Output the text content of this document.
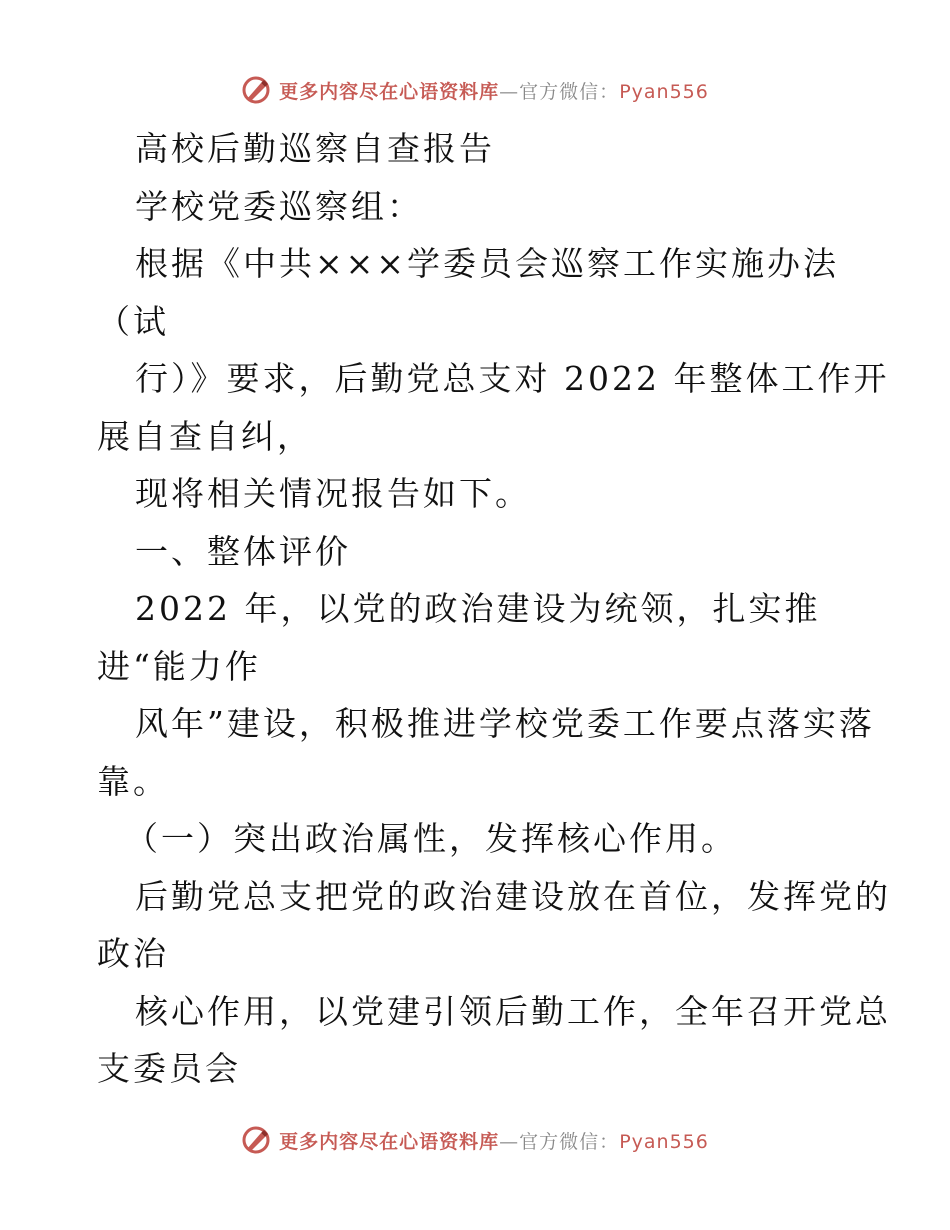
更多内容尽在心语资料库—官方微信：Pyan556
高校后勤巡察自查报告
学校党委巡察组：
根据《中共×××学委员会巡察工作实施办法
（试
行）》要求，后勤党总支对 2022 年整体工作开
展自查自纠，
现将相关情况报告如下。
一、整体评价
2022 年，以党的政治建设为统领，扎实推
进“能力作
风年”建设，积极推进学校党委工作要点落实落
靠。
（一）突出政治属性，发挥核心作用。
后勤党总支把党的政治建设放在首位，发挥党的
政治
核心作用，以党建引领后勤工作，全年召开党总
支委员会
更多内容尽在心语资料库—官方微信：Pyan556
